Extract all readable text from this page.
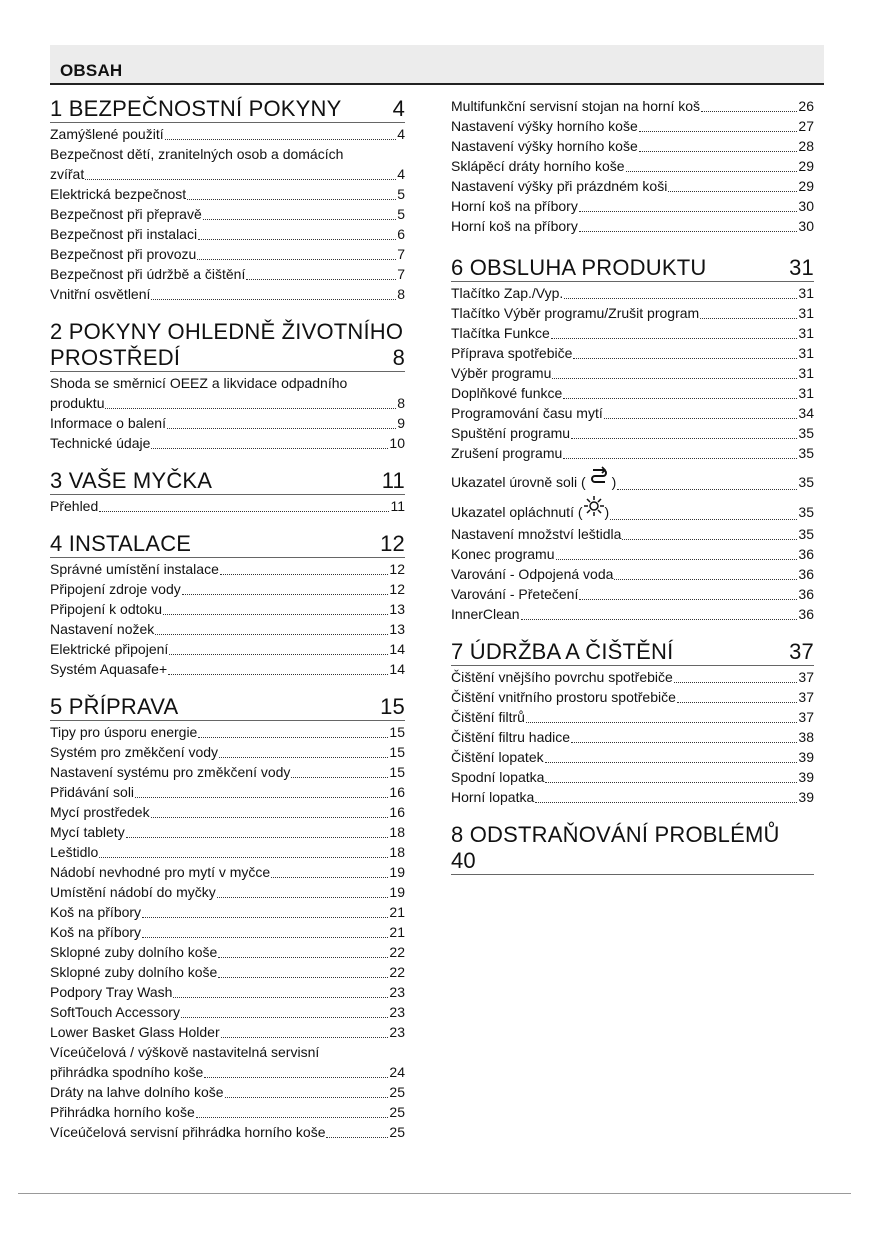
OBSAH
1 BEZPEČNOSTNÍ POKYNY 4
Zamýšlené použití	4
Bezpečnost dětí, zranitelných osob a domácích
zvířat	4
Elektrická bezpečnost	5
Bezpečnost při přepravě	5
Bezpečnost při instalaci	6
Bezpečnost při provozu	7
Bezpečnost při údržbě a čištění	7
Vnitřní osvětlení	8
2 POKYNY OHLEDNĚ ŽIVOTNÍHO
PROSTŘEDÍ	8
Shoda se směrnicí OEEZ a likvidace odpadního
produktu	8
Informace o balení	9
Technické údaje	10
3 VAŠE MYČKA	11
Přehled	11
4 INSTALACE	12
Správné umístění instalace	12
Připojení zdroje vody	12
Připojení k odtoku	13
Nastavení nožek	13
Elektrické připojení	14
Systém Aquasafe+	14
5 PŘÍPRAVA	15
Tipy pro úsporu energie	15
Systém pro změkčení vody	15
Nastavení systému pro změkčení vody	15
Přidávání soli	16
Mycí prostředek	16
Mycí tablety	18
Leštidlo	18
Nádobí nevhodné pro mytí v myčce	19
Umístění nádobí do myčky	19
Koš na příbory	21
Koš na příbory	21
Sklopné zuby dolního koše	22
Sklopné zuby dolního koše	22
Podpory Tray Wash	23
SoftTouch Accessory	23
Lower Basket Glass Holder	23
Víceúčelová / výškově nastavitelná servisní
přihrádka spodního koše	24
Dráty na lahve dolního koše	25
Přihrádka horního koše	25
Víceúčelová servisní přihrádka horního koše	25
Multifunkční servisní stojan na horní koš	26
Nastavení výšky horního koše	27
Nastavení výšky horního koše	28
Sklápěcí dráty horního koše	29
Nastavení výšky při prázdném koši	29
Horní koš na příbory	30
Horní koš na příbory	30
6 OBSLUHA PRODUKTU	31
Tlačítko Zap./Vyp.	31
Tlačítko Výběr programu/Zrušit program	31
Tlačítka Funkce	31
Příprava spotřebiče	31
Výběr programu	31
Doplňkové funkce	31
Programování času mytí	34
Spuštění programu	35
Zrušení programu	35
Ukazatel úrovně soli ( )	35
Ukazatel opláchnutí ( )	35
Nastavení množství leštidla	35
Konec programu	36
Varování - Odpojená voda	36
Varování - Přetečení	36
InnerClean	36
7 ÚDRŽBA A ČIŠTĚNÍ	37
Čištění vnějšího povrchu spotřebiče	37
Čištění vnitřního prostoru spotřebiče	37
Čištění filtrů	37
Čištění filtru hadice	38
Čištění lopatek	39
Spodní lopatka	39
Horní lopatka	39
8 ODSTRAŇOVÁNÍ PROBLÉMŮ
40
